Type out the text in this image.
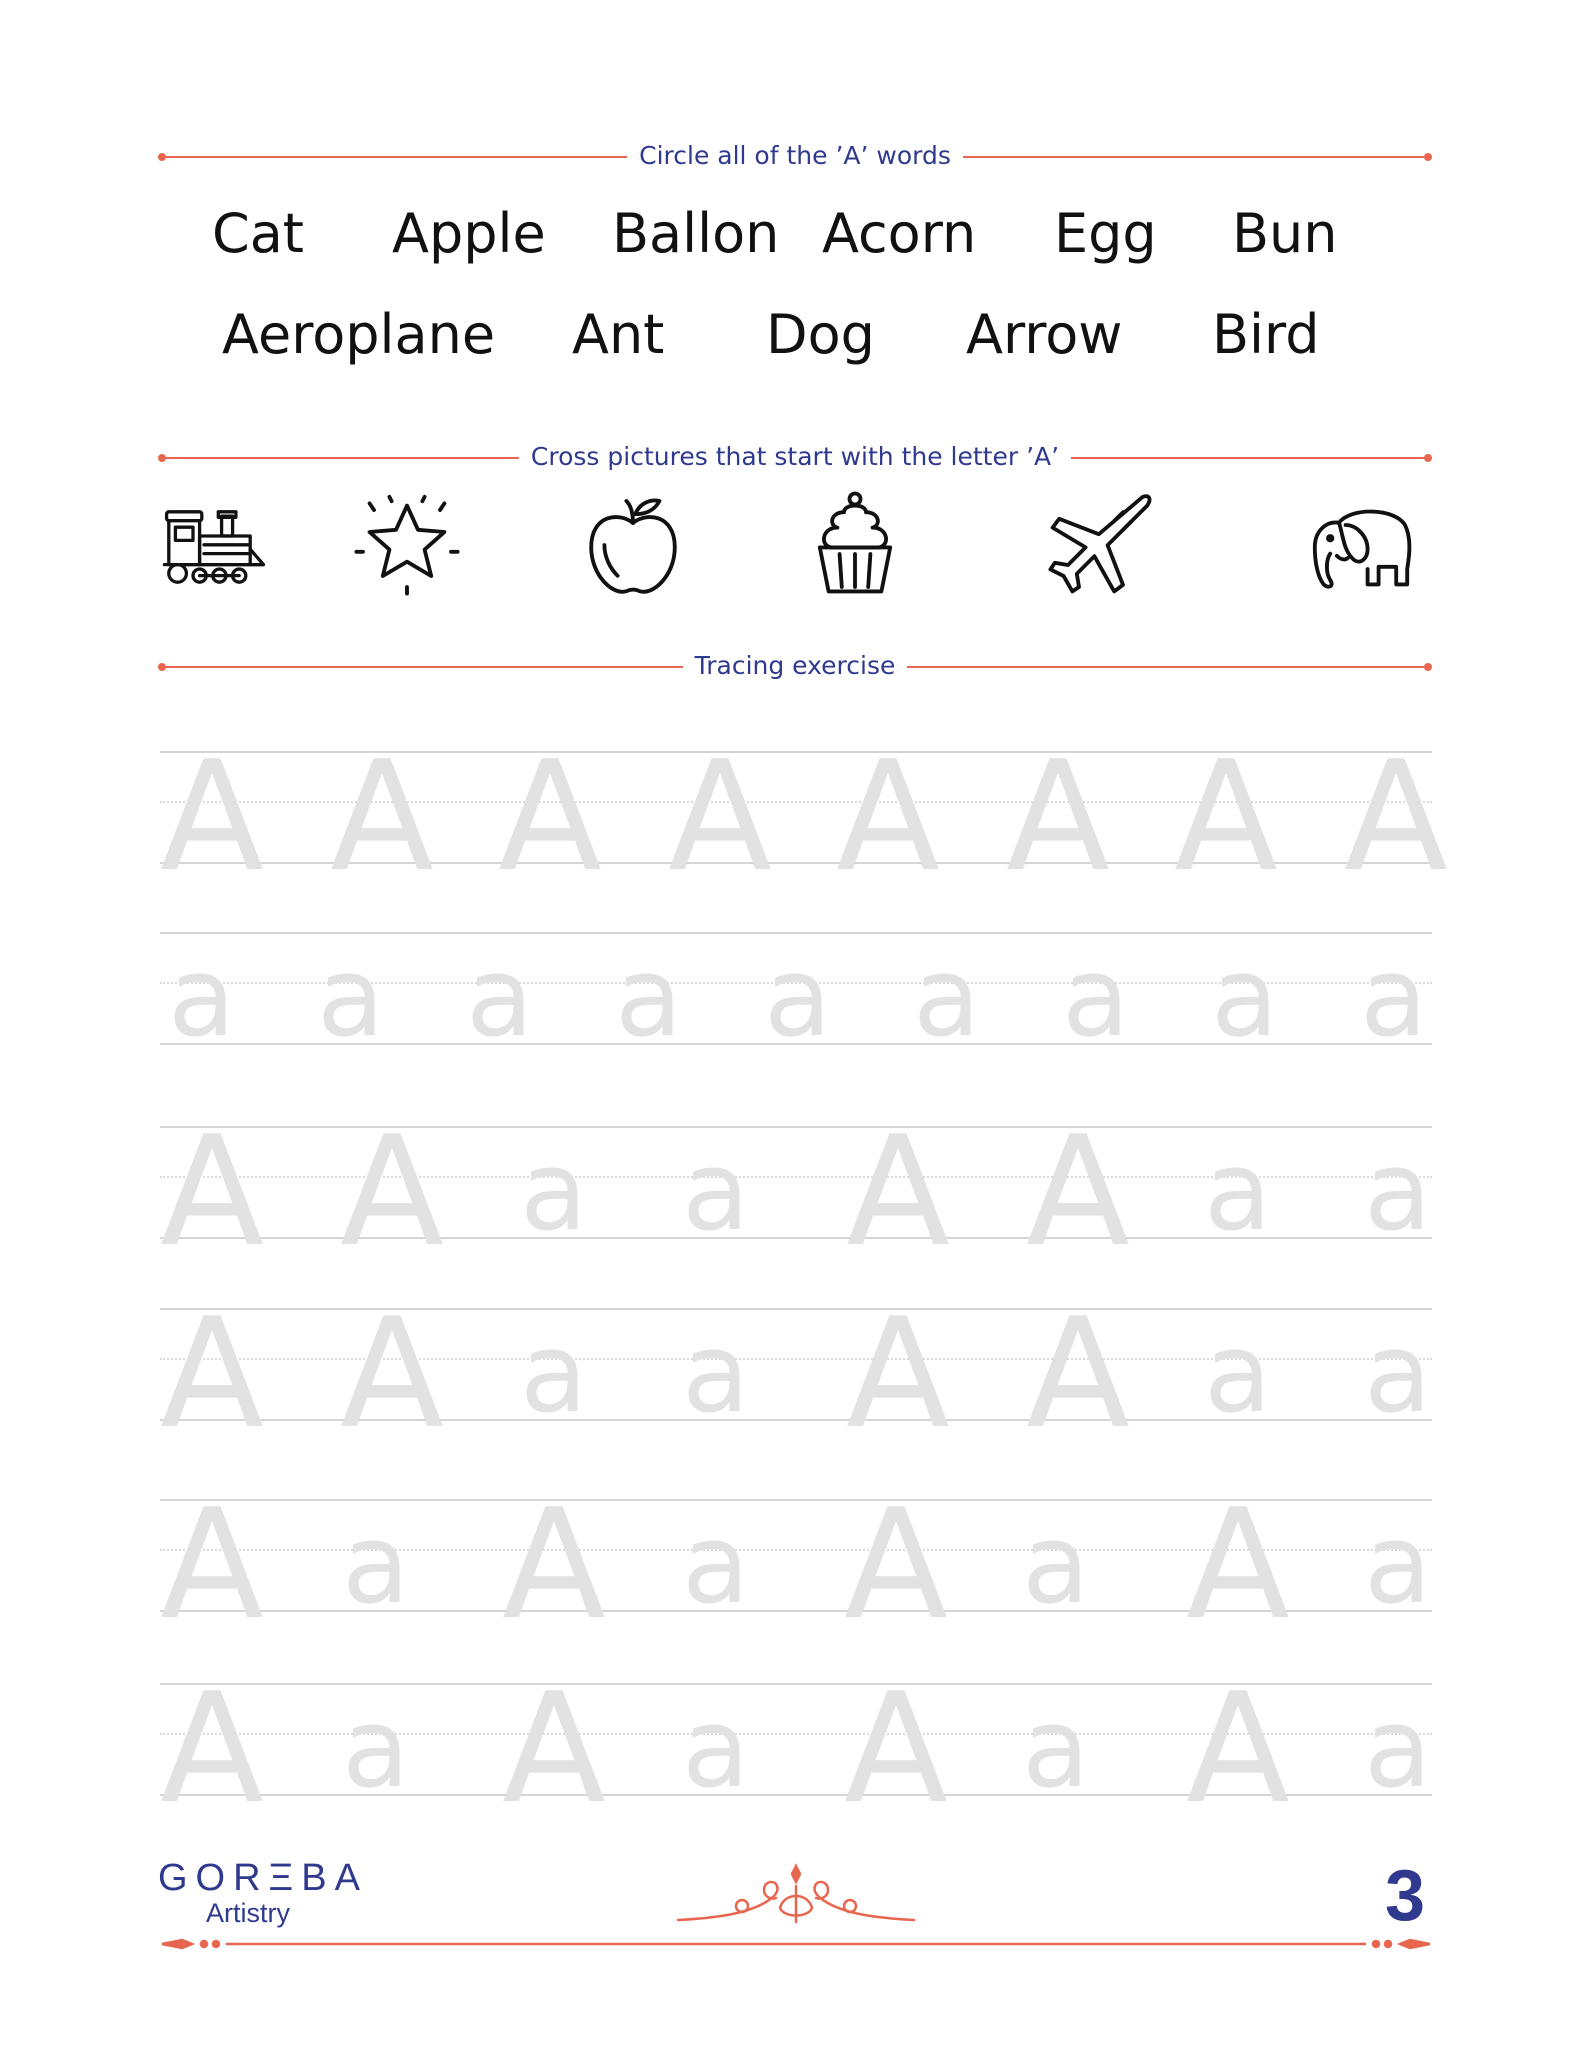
Circle all of the ’A’ words
Cat Apple Ballon Acorn Egg Bun
Aeroplane Ant Dog Arrow Bird
Cross pictures that start with the letter ’A’
Tracing exercise
A A A A A A A A
a a a a a a a a a
A A a a A A a a
A A a a A A a a
A a A a A a A a
A a A a A a A a
GORΞBA
Artistry	3
